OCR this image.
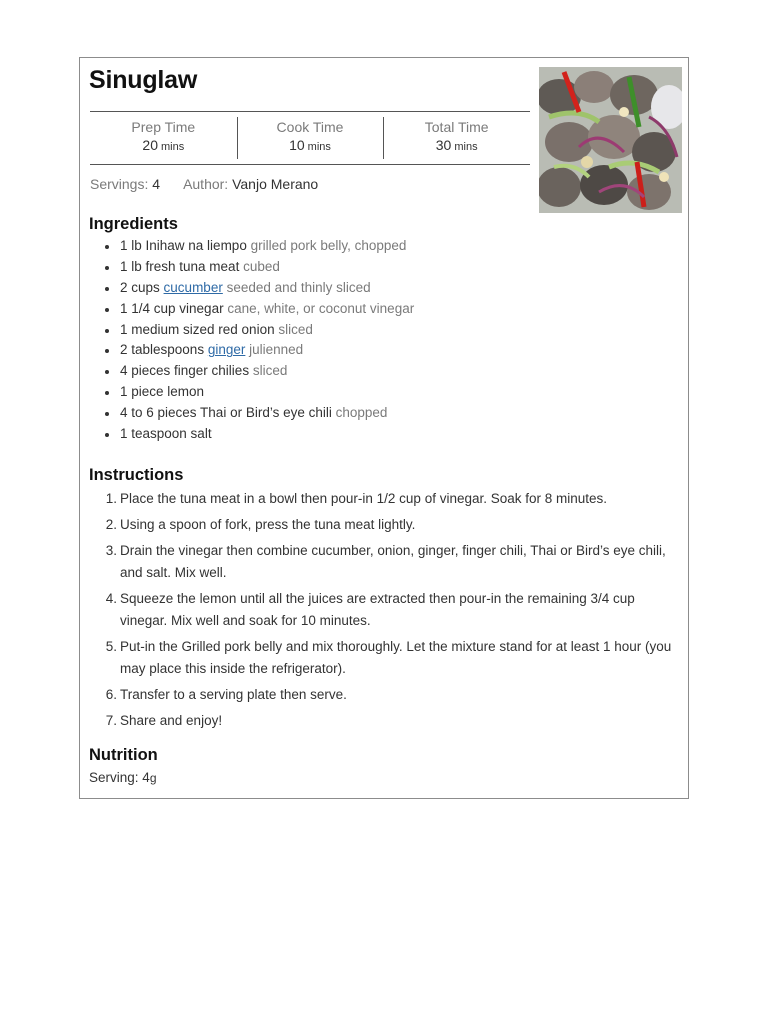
Sinuglaw
Prep Time
20 mins
Cook Time
10 mins
Total Time
30 mins
Servings: 4 Author: Vanjo Merano
Ingredients
1 lb Inihaw na liempo grilled pork belly, chopped
1 lb fresh tuna meat cubed
2 cups cucumber seeded and thinly sliced
1 1/4 cup vinegar cane, white, or coconut vinegar
1 medium sized red onion sliced
2 tablespoons ginger julienned
4 pieces finger chilies sliced
1 piece lemon
4 to 6 pieces Thai or Bird’s eye chili chopped
1 teaspoon salt
Instructions
1. Place the tuna meat in a bowl then pour-in 1/2 cup of vinegar. Soak for 8 minutes.
2. Using a spoon of fork, press the tuna meat lightly.
3. Drain the vinegar then combine cucumber, onion, ginger, finger chili, Thai or Bird’s eye chili, and salt. Mix well.
4. Squeeze the lemon until all the juices are extracted then pour-in the remaining 3/4 cup vinegar. Mix well and soak for 10 minutes.
5. Put-in the Grilled pork belly and mix thoroughly. Let the mixture stand for at least 1 hour (you may place this inside the refrigerator).
6. Transfer to a serving plate then serve.
7. Share and enjoy!
Nutrition
Serving: 4g
